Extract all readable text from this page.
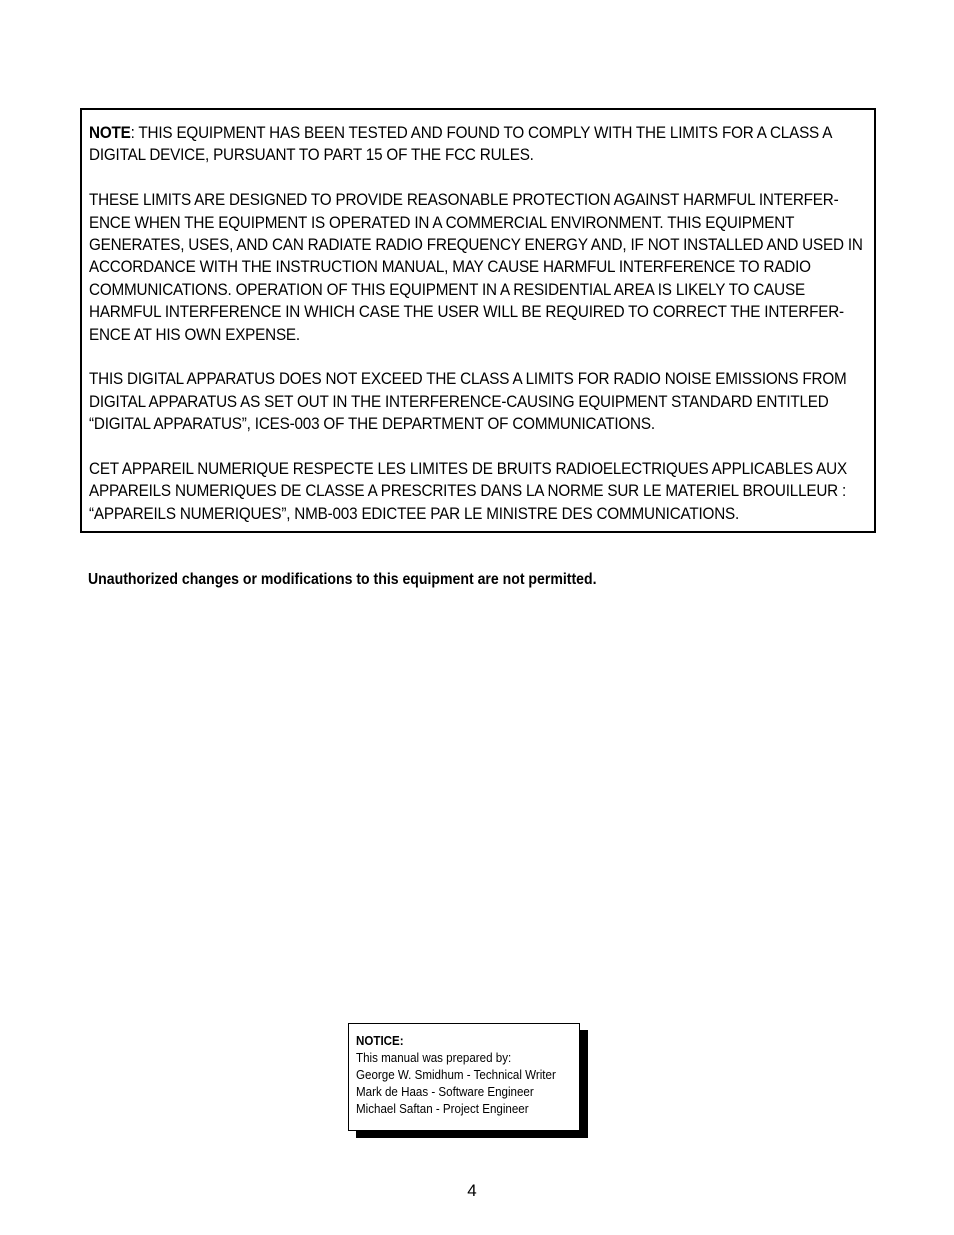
NOTE: THIS EQUIPMENT HAS BEEN TESTED AND FOUND TO COMPLY WITH THE LIMITS FOR A CLASS A DIGITAL DEVICE, PURSUANT TO PART 15 OF THE FCC RULES.

THESE LIMITS ARE DESIGNED TO PROVIDE REASONABLE PROTECTION AGAINST HARMFUL INTERFER-ENCE WHEN THE EQUIPMENT IS OPERATED IN A COMMERCIAL ENVIRONMENT. THIS EQUIPMENT GENERATES, USES, AND CAN RADIATE RADIO FREQUENCY ENERGY AND, IF NOT INSTALLED AND USED IN ACCORDANCE WITH THE INSTRUCTION MANUAL, MAY CAUSE HARMFUL INTERFERENCE TO RADIO COMMUNICATIONS. OPERATION OF THIS EQUIPMENT IN A RESIDENTIAL AREA IS LIKELY TO CAUSE HARMFUL INTERFERENCE IN WHICH CASE THE USER WILL BE REQUIRED TO CORRECT THE INTERFER-ENCE AT HIS OWN EXPENSE.

THIS DIGITAL APPARATUS DOES NOT EXCEED THE CLASS A LIMITS FOR RADIO NOISE EMISSIONS FROM DIGITAL APPARATUS AS SET OUT IN THE INTERFERENCE-CAUSING EQUIPMENT STANDARD ENTITLED “DIGITAL APPARATUS”, ICES-003 OF THE DEPARTMENT OF COMMUNICATIONS.

CET APPAREIL NUMERIQUE RESPECTE LES LIMITES DE BRUITS RADIOELECTRIQUES APPLICABLES AUX APPAREILS NUMERIQUES DE CLASSE A PRESCRITES DANS LA NORME SUR LE MATERIEL BROUILLEUR : “APPAREILS NUMERIQUES”, NMB-003 EDICTEE PAR LE MINISTRE DES COMMUNICATIONS.

Unauthorized changes or modifications to this equipment are not permitted.
NOTICE:
This manual was prepared by:
George W. Smidhum - Technical Writer
Mark de Haas - Software Engineer
Michael Saftan - Project Engineer
4
